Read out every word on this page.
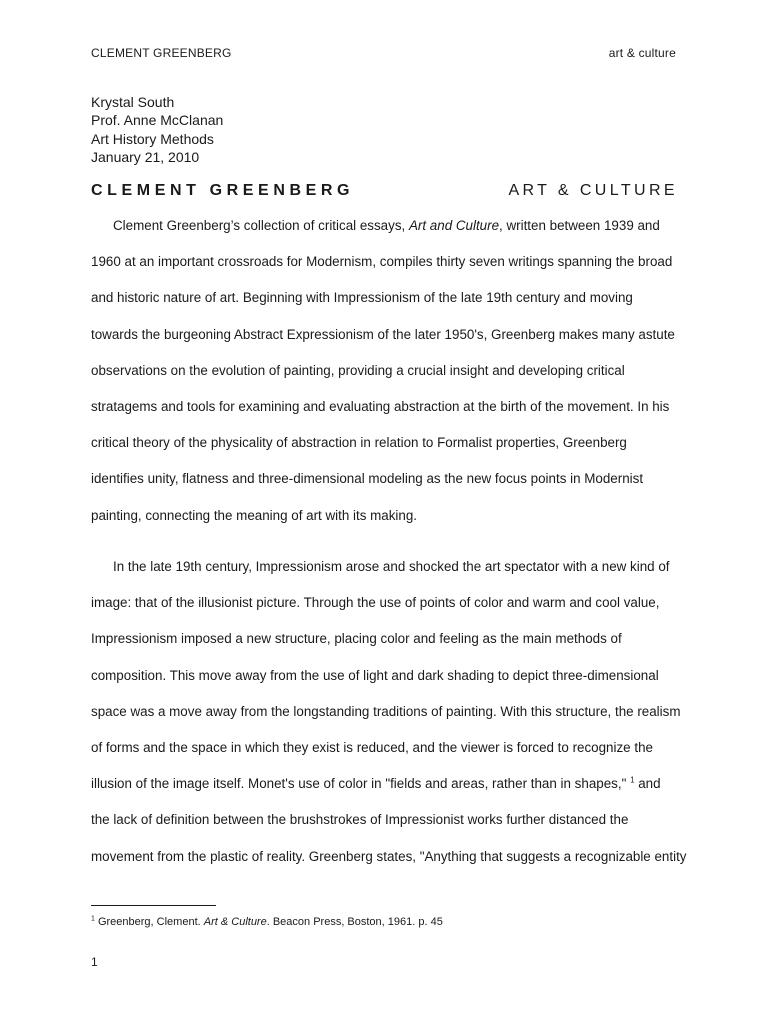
CLEMENT GREENBERG	art & culture
Krystal South
Prof. Anne McClanan
Art History Methods
January 21, 2010
CLEMENT GREENBERG	ART & CULTURE
Clement Greenberg’s collection of critical essays, Art and Culture, written between 1939 and
1960 at an important crossroads for Modernism, compiles thirty seven writings spanning the broad
and historic nature of art. Beginning with Impressionism of the late 19th century and moving
towards the burgeoning Abstract Expressionism of the later 1950's, Greenberg makes many astute
observations on the evolution of painting, providing a crucial insight and developing critical
stratagems and tools for examining and evaluating abstraction at the birth of the movement. In his
critical theory of the physicality of abstraction in relation to Formalist properties, Greenberg
identifies unity, flatness and three-dimensional modeling as the new focus points in Modernist
painting, connecting the meaning of art with its making.
In the late 19th century, Impressionism arose and shocked the art spectator with a new kind of
image: that of the illusionist picture. Through the use of points of color and warm and cool value,
Impressionism imposed a new structure, placing color and feeling as the main methods of
composition. This move away from the use of light and dark shading to depict three-dimensional
space was a move away from the longstanding traditions of painting. With this structure, the realism
of forms and the space in which they exist is reduced, and the viewer is forced to recognize the
illusion of the image itself. Monet's use of color in "fields and areas, rather than in shapes," $^1$ and
the lack of definition between the brushstrokes of Impressionist works further distanced the
movement from the plastic of reality. Greenberg states, "Anything that suggests a recognizable entity
$^1$ Greenberg, Clement. Art & Culture. Beacon Press, Boston, 1961. p. 45
1
